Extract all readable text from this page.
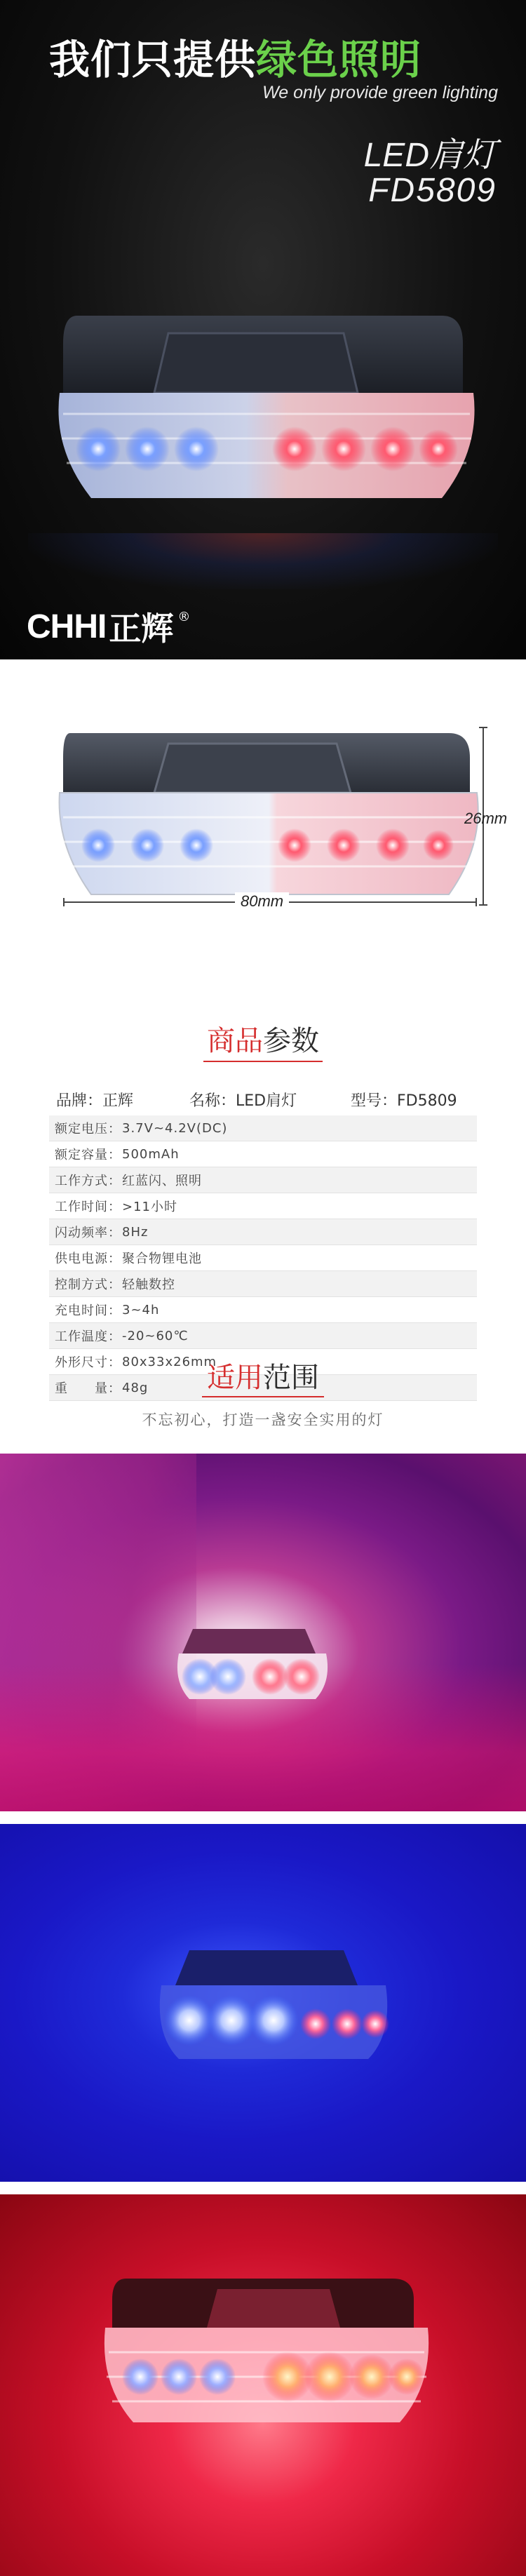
我们只提供绿色照明
We only provide green lighting
LED肩灯
FD5809
CHHI 正辉 ®
26mm
80mm
商品参数
品牌：正辉	名称：LED肩灯	型号：FD5809
额定电压： 3.7V~4.2V(DC)
额定容量： 500mAh
工作方式： 红蓝闪、照明
工作时间： >11小时
闪动频率： 8Hz
供电电源： 聚合物锂电池
控制方式： 轻触数控
充电时间： 3~4h
工作温度： -20~60℃
外形尺寸： 80x33x26mm
重　　量： 48g	适用范围
不忘初心，打造一盏安全实用的灯
